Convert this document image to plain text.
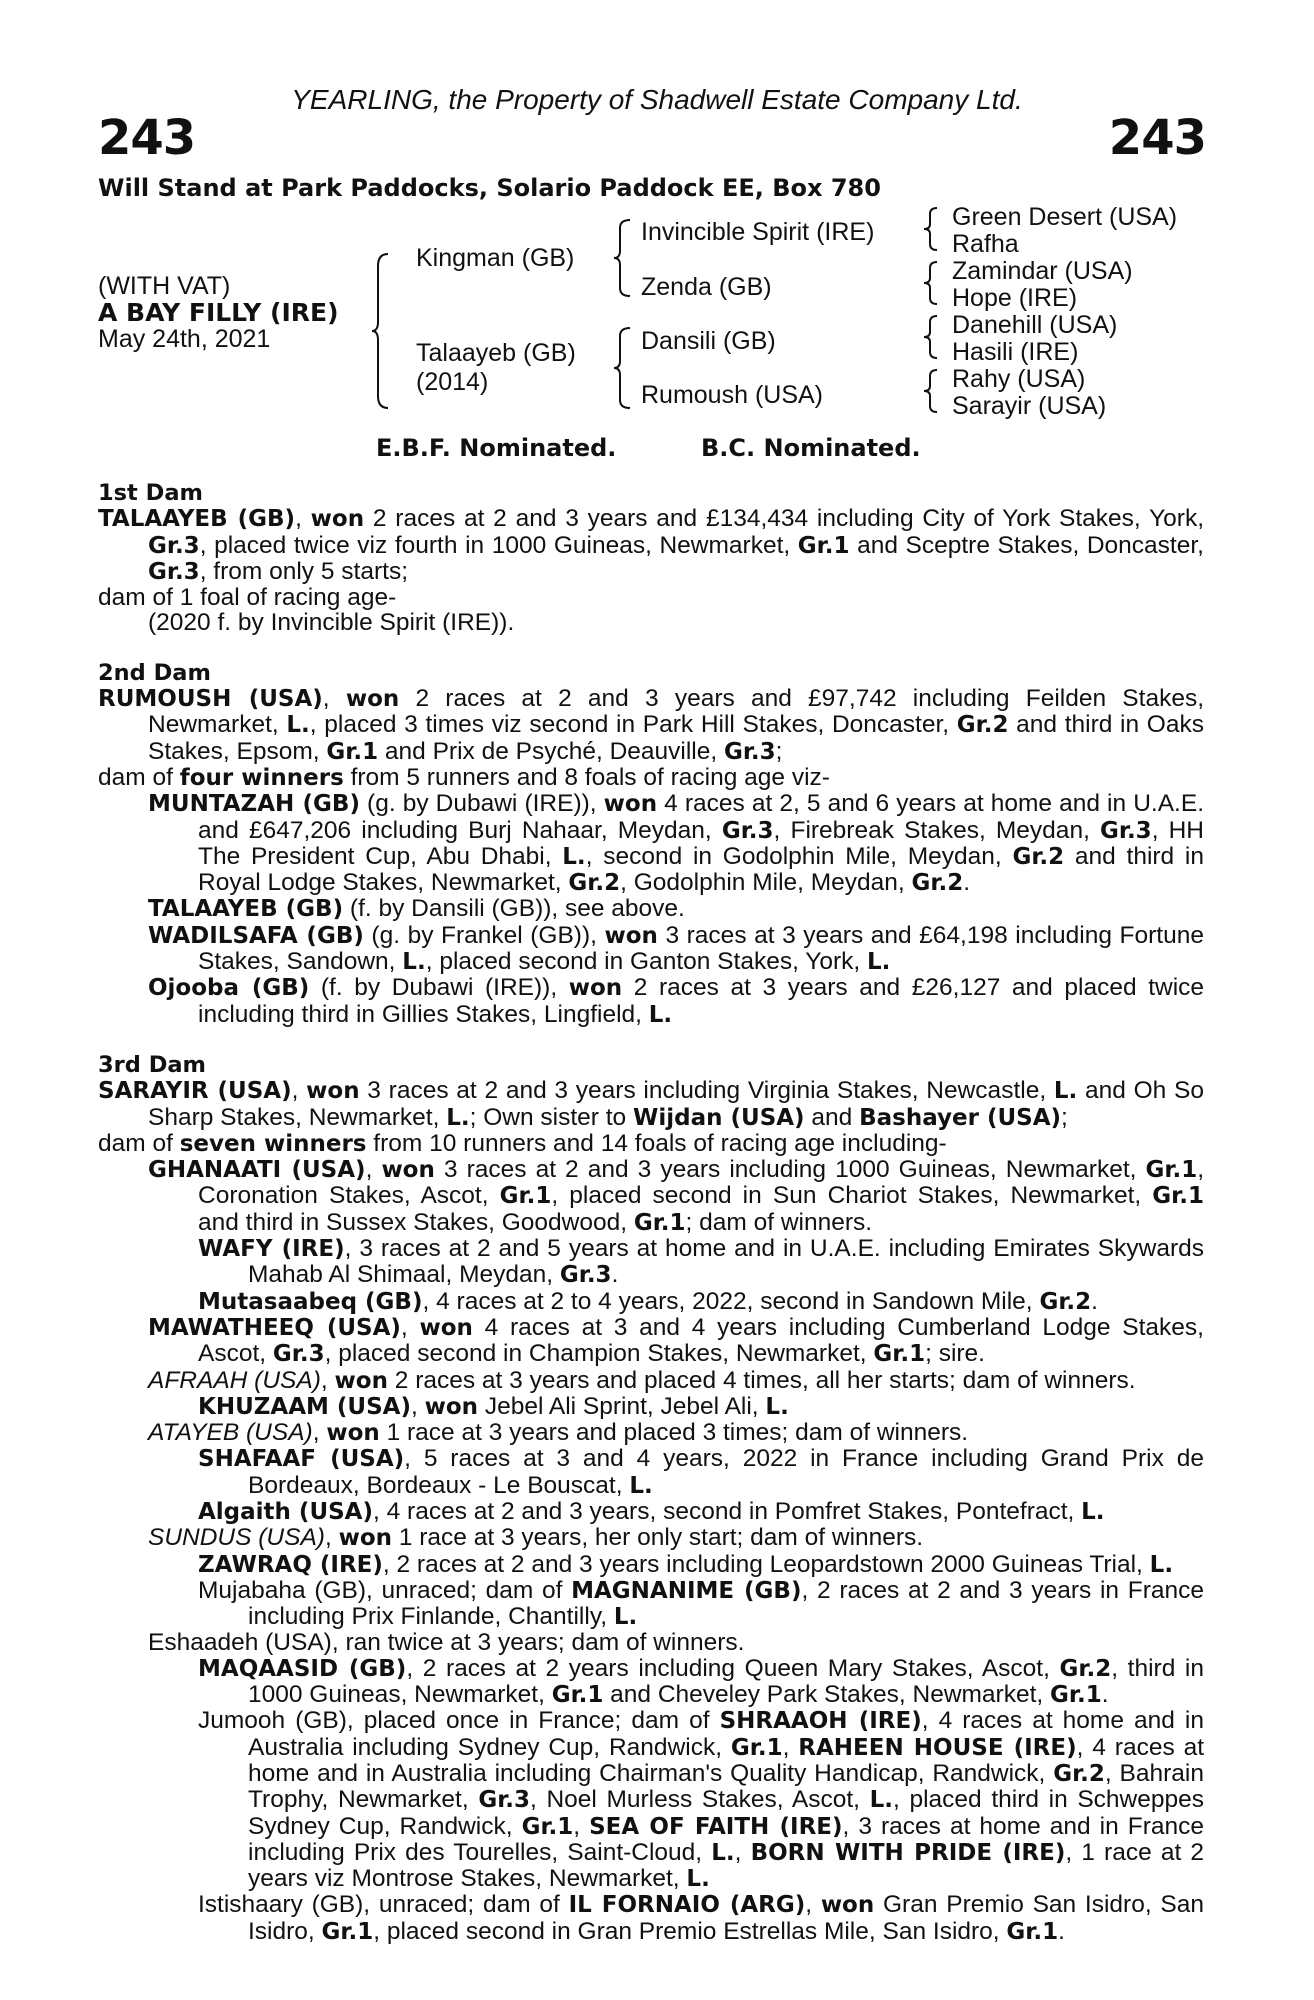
YEARLING, the Property of Shadwell Estate Company Ltd.
243	243
Will Stand at Park Paddocks, Solario Paddock EE, Box 780
(WITH VAT)
A BAY FILLY (IRE)
May 24th, 2021
Kingman (GB)
Talaayeb (GB)
(2014)
Invincible Spirit (IRE)
Zenda (GB)
Dansili (GB)
Rumoush (USA)
Green Desert (USA)
Rafha
Zamindar (USA)
Hope (IRE)
Danehill (USA)
Hasili (IRE)
Rahy (USA)
Sarayir (USA)
E.B.F. Nominated.	B.C. Nominated.
1st Dam
TALAAYEB (GB), won 2 races at 2 and 3 years and £134,434 including City of York Stakes, York, Gr.3, placed twice viz fourth in 1000 Guineas, Newmarket, Gr.1 and Sceptre Stakes, Doncaster, Gr.3, from only 5 starts;
dam of 1 foal of racing age-
(2020 f. by Invincible Spirit (IRE)).
2nd Dam
RUMOUSH (USA), won 2 races at 2 and 3 years and £97,742 including Feilden Stakes, Newmarket, L., placed 3 times viz second in Park Hill Stakes, Doncaster, Gr.2 and third in Oaks Stakes, Epsom, Gr.1 and Prix de Psyché, Deauville, Gr.3;
dam of four winners from 5 runners and 8 foals of racing age viz-
MUNTAZAH (GB) (g. by Dubawi (IRE)), won 4 races at 2, 5 and 6 years at home and in U.A.E. and £647,206 including Burj Nahaar, Meydan, Gr.3, Firebreak Stakes, Meydan, Gr.3, HH The President Cup, Abu Dhabi, L., second in Godolphin Mile, Meydan, Gr.2 and third in Royal Lodge Stakes, Newmarket, Gr.2, Godolphin Mile, Meydan, Gr.2.
TALAAYEB (GB) (f. by Dansili (GB)), see above.
WADILSAFA (GB) (g. by Frankel (GB)), won 3 races at 3 years and £64,198 including Fortune Stakes, Sandown, L., placed second in Ganton Stakes, York, L.
Ojooba (GB) (f. by Dubawi (IRE)), won 2 races at 3 years and £26,127 and placed twice including third in Gillies Stakes, Lingfield, L.
3rd Dam
SARAYIR (USA), won 3 races at 2 and 3 years including Virginia Stakes, Newcastle, L. and Oh So Sharp Stakes, Newmarket, L.; Own sister to Wijdan (USA) and Bashayer (USA);
dam of seven winners from 10 runners and 14 foals of racing age including-
GHANAATI (USA), won 3 races at 2 and 3 years including 1000 Guineas, Newmarket, Gr.1, Coronation Stakes, Ascot, Gr.1, placed second in Sun Chariot Stakes, Newmarket, Gr.1 and third in Sussex Stakes, Goodwood, Gr.1; dam of winners.
WAFY (IRE), 3 races at 2 and 5 years at home and in U.A.E. including Emirates Skywards Mahab Al Shimaal, Meydan, Gr.3.
Mutasaabeq (GB), 4 races at 2 to 4 years, 2022, second in Sandown Mile, Gr.2.
MAWATHEEQ (USA), won 4 races at 3 and 4 years including Cumberland Lodge Stakes, Ascot, Gr.3, placed second in Champion Stakes, Newmarket, Gr.1; sire.
AFRAAH (USA), won 2 races at 3 years and placed 4 times, all her starts; dam of winners.
KHUZAAM (USA), won Jebel Ali Sprint, Jebel Ali, L.
ATAYEB (USA), won 1 race at 3 years and placed 3 times; dam of winners.
SHAFAAF (USA), 5 races at 3 and 4 years, 2022 in France including Grand Prix de Bordeaux, Bordeaux - Le Bouscat, L.
Algaith (USA), 4 races at 2 and 3 years, second in Pomfret Stakes, Pontefract, L.
SUNDUS (USA), won 1 race at 3 years, her only start; dam of winners.
ZAWRAQ (IRE), 2 races at 2 and 3 years including Leopardstown 2000 Guineas Trial, L.
Mujabaha (GB), unraced; dam of MAGNANIME (GB), 2 races at 2 and 3 years in France including Prix Finlande, Chantilly, L.
Eshaadeh (USA), ran twice at 3 years; dam of winners.
MAQAASID (GB), 2 races at 2 years including Queen Mary Stakes, Ascot, Gr.2, third in 1000 Guineas, Newmarket, Gr.1 and Cheveley Park Stakes, Newmarket, Gr.1.
Jumooh (GB), placed once in France; dam of SHRAAOH (IRE), 4 races at home and in Australia including Sydney Cup, Randwick, Gr.1, RAHEEN HOUSE (IRE), 4 races at home and in Australia including Chairman's Quality Handicap, Randwick, Gr.2, Bahrain Trophy, Newmarket, Gr.3, Noel Murless Stakes, Ascot, L., placed third in Schweppes Sydney Cup, Randwick, Gr.1, SEA OF FAITH (IRE), 3 races at home and in France including Prix des Tourelles, Saint-Cloud, L., BORN WITH PRIDE (IRE), 1 race at 2 years viz Montrose Stakes, Newmarket, L.
Istishaary (GB), unraced; dam of IL FORNAIO (ARG), won Gran Premio San Isidro, San Isidro, Gr.1, placed second in Gran Premio Estrellas Mile, San Isidro, Gr.1.
